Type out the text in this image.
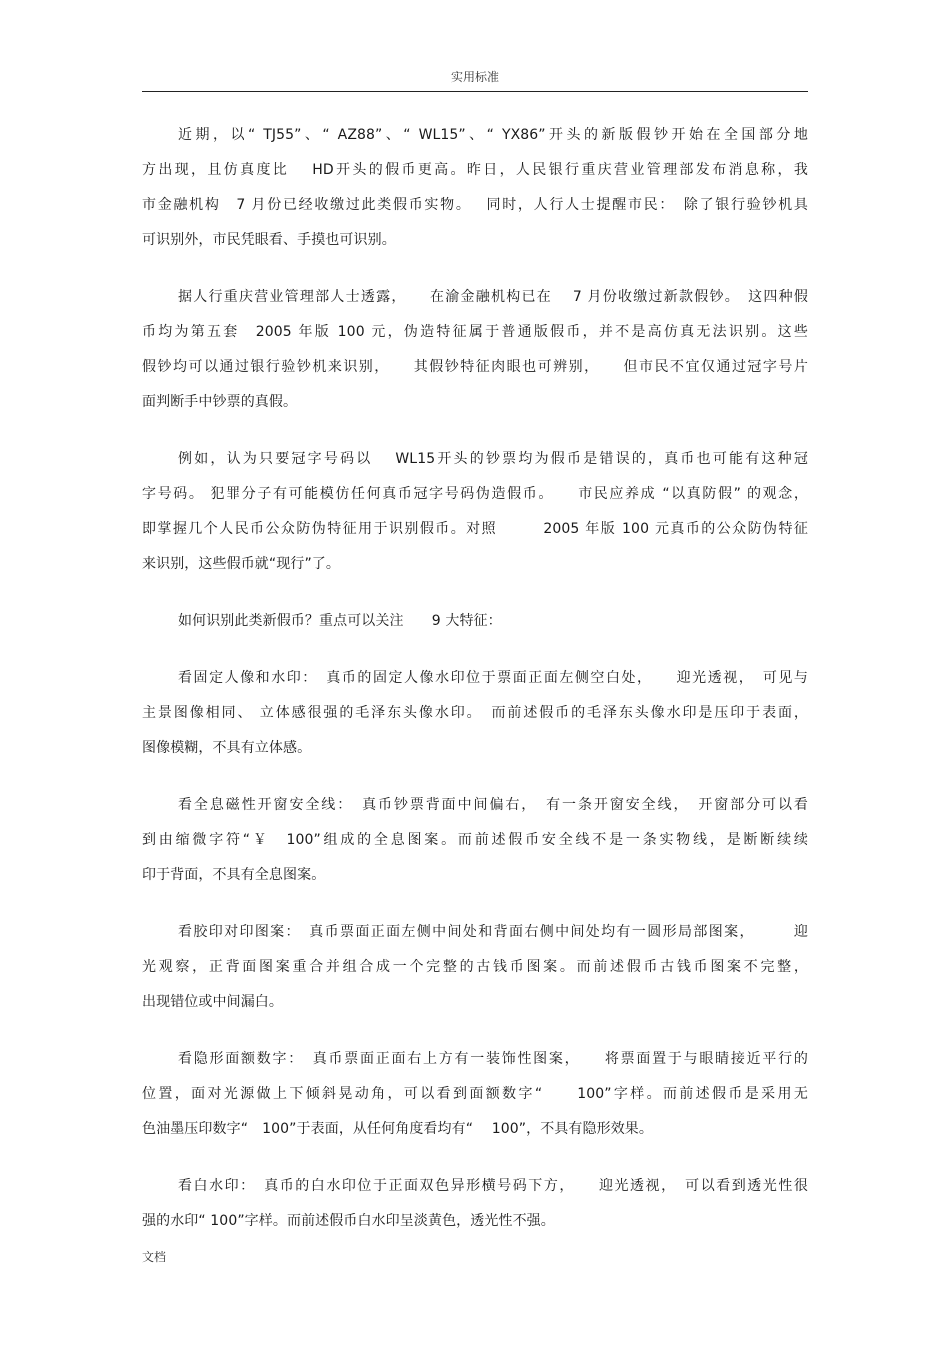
实用标准
近期，以“ TJ55”、“ AZ88”、“ WL15”、“ YX86”开头的新版假钞开始在全国部分地
方出现，且仿真度比　 HD开头的假币更高。昨日，人民银行重庆营业管理部发布消息称，我
市金融机构　7 月份已经收缴过此类假币实物。　 同时，人行人士提醒市民：　除了银行验钞机具
可识别外，市民凭眼看、手摸也可识别。
据人行重庆营业管理部人士透露，　　在渝金融机构已在　 7 月份收缴过新款假钞。　这四种假
币均为第五套　2005 年版 100 元，伪造特征属于普通版假币，并不是高仿真无法识别。这些
假钞均可以通过银行验钞机来识别，　　其假钞特征肉眼也可辨别，　　但市民不宜仅通过冠字号片
面判断手中钞票的真假。
例如，认为只要冠字号码以　 WL15开头的钞票均为假币是错误的，真币也可能有这种冠
字号码。 犯罪分子有可能模仿任何真币冠字号码伪造假币。　　市民应养成 “以真防假” 的观念，
即掌握几个人民币公众防伪特征用于识别假币。对照　　　2005 年版 100 元真币的公众防伪特征
来识别，这些假币就“现行”了。
如何识别此类新假币？重点可以关注　　9 大特征：
看固定人像和水印：　真币的固定人像水印位于票面正面左侧空白处，　　迎光透视，　可见与
主景图像相同、 立体感很强的毛泽东头像水印。　而前述假币的毛泽东头像水印是压印于表面，
图像模糊，不具有立体感。
看全息磁性开窗安全线：　真币钞票背面中间偏右，　有一条开窗安全线，　开窗部分可以看
到由缩微字符“￥　100”组成的全息图案。而前述假币安全线不是一条实物线，是断断续续
印于背面，不具有全息图案。
看胶印对印图案：　真币票面正面左侧中间处和背面右侧中间处均有一圆形局部图案，　　　迎
光观察，正背面图案重合并组合成一个完整的古钱币图案。而前述假币古钱币图案不完整，
出现错位或中间漏白。
看隐形面额数字：　真币票面正面右上方有一装饰性图案，　　将票面置于与眼睛接近平行的
位置，面对光源做上下倾斜晃动角，可以看到面额数字“　　100”字样。而前述假币是采用无
色油墨压印数字“　100”于表面，从任何角度看均有“　 100”，不具有隐形效果。
看白水印：　真币的白水印位于正面双色异形横号码下方，　　迎光透视，　可以看到透光性很
强的水印“ 100”字样。而前述假币白水印呈淡黄色，透光性不强。
文档
